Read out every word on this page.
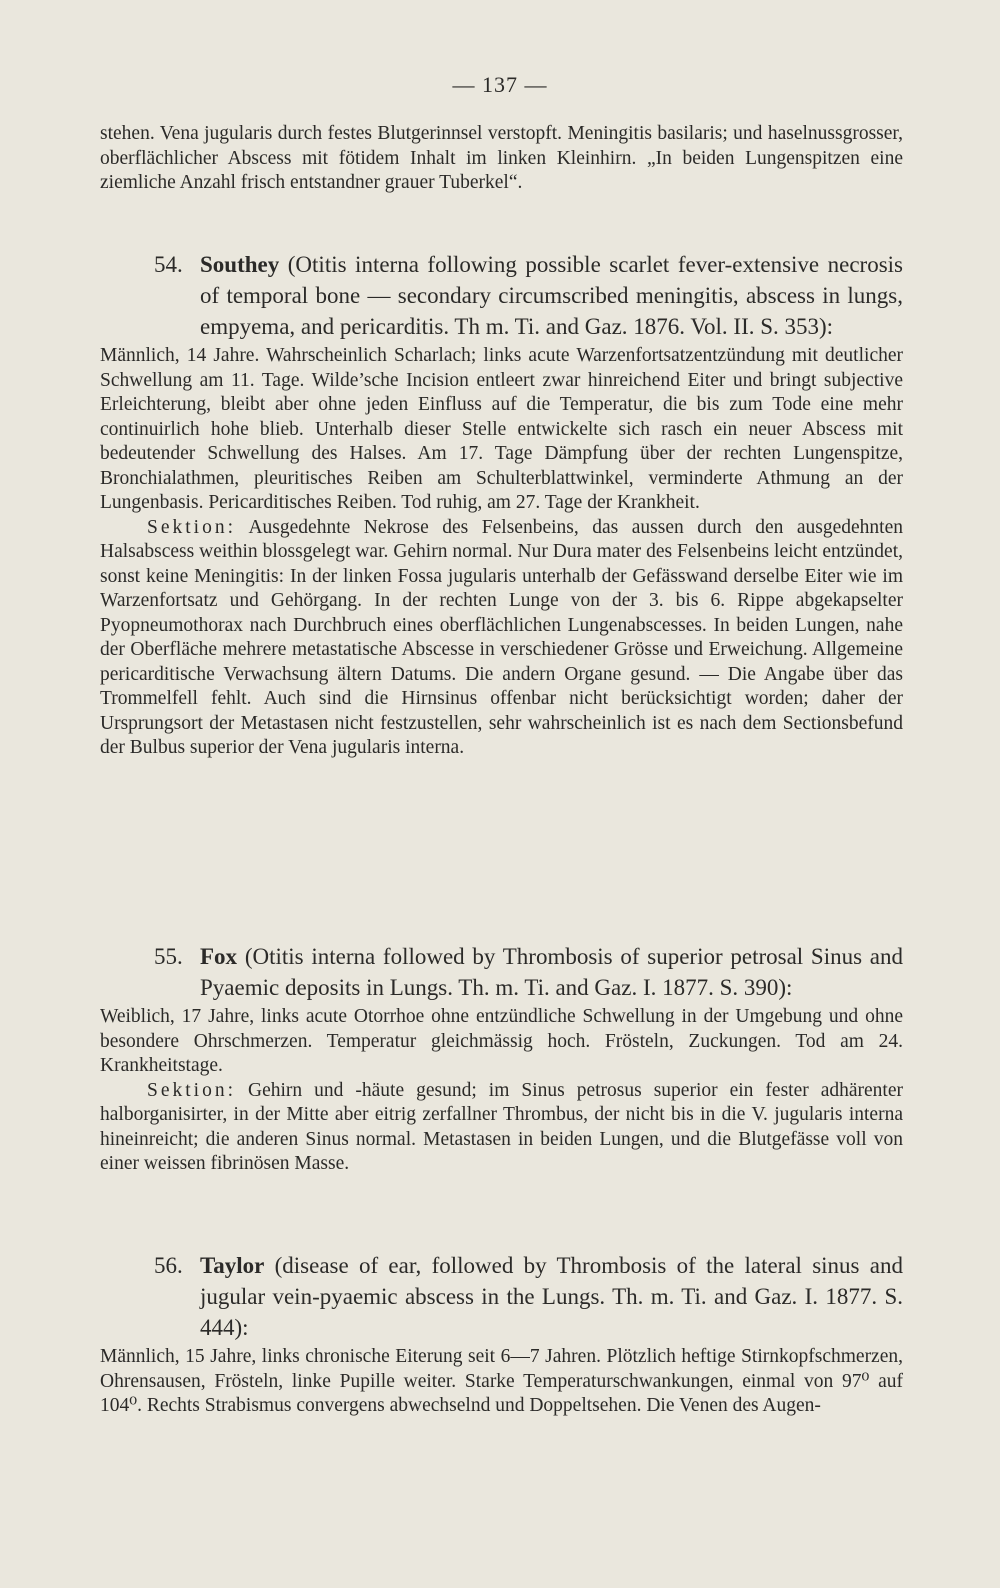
— 137 —
stehen. Vena jugularis durch festes Blutgerinnsel verstopft. Meningitis basilaris; und haselnussgrosser, oberflächlicher Abscess mit fötidem Inhalt im linken Kleinhirn. „In beiden Lungenspitzen eine ziemliche Anzahl frisch entstandner grauer Tuberkel“.
54. Southey (Otitis interna following possible scarlet fever-extensive necrosis of temporal bone — secondary circumscribed meningitis, abscess in lungs, empyema, and pericarditis. Th m. Ti. and Gaz. 1876. Vol. II. S. 353):
Männlich, 14 Jahre. Wahrscheinlich Scharlach; links acute Warzenfortsatzentzündung mit deutlicher Schwellung am 11. Tage. Wilde’sche Incision entleert zwar hinreichend Eiter und bringt subjective Erleichterung, bleibt aber ohne jeden Einfluss auf die Temperatur, die bis zum Tode eine mehr continuirlich hohe blieb. Unterhalb dieser Stelle entwickelte sich rasch ein neuer Abscess mit bedeutender Schwellung des Halses. Am 17. Tage Dämpfung über der rechten Lungenspitze, Bronchialathmen, pleuritisches Reiben am Schulterblattwinkel, verminderte Athmung an der Lungenbasis. Pericarditisches Reiben. Tod ruhig, am 27. Tage der Krankheit.
Sektion: Ausgedehnte Nekrose des Felsenbeins, das aussen durch den ausgedehnten Halsabscess weithin blossgelegt war. Gehirn normal. Nur Dura mater des Felsenbeins leicht entzündet, sonst keine Meningitis: In der linken Fossa jugularis unterhalb der Gefässwand derselbe Eiter wie im Warzenfortsatz und Gehörgang. In der rechten Lunge von der 3. bis 6. Rippe abgekapselter Pyopneumothorax nach Durchbruch eines oberflächlichen Lungenabscesses. In beiden Lungen, nahe der Oberfläche mehrere metastatische Abscesse in verschiedener Grösse und Erweichung. Allgemeine pericarditische Verwachsung ältern Datums. Die andern Organe gesund. — Die Angabe über das Trommelfell fehlt. Auch sind die Hirnsinus offenbar nicht berücksichtigt worden; daher der Ursprungsort der Metastasen nicht festzustellen, sehr wahrscheinlich ist es nach dem Sectionsbefund der Bulbus superior der Vena jugularis interna.
55. Fox (Otitis interna followed by Thrombosis of superior petrosal Sinus and Pyaemic deposits in Lungs. Th. m. Ti. and Gaz. I. 1877. S. 390):
Weiblich, 17 Jahre, links acute Otorrhoe ohne entzündliche Schwellung in der Umgebung und ohne besondere Ohrschmerzen. Temperatur gleichmässig hoch. Frösteln, Zuckungen. Tod am 24. Krankheitstage.
Sektion: Gehirn und -häute gesund; im Sinus petrosus superior ein fester adhärenter halborganisirter, in der Mitte aber eitrig zerfallner Thrombus, der nicht bis in die V. jugularis interna hineinreicht; die anderen Sinus normal. Metastasen in beiden Lungen, und die Blutgefässe voll von einer weissen fibrinösen Masse.
56. Taylor (disease of ear, followed by Thrombosis of the lateral sinus and jugular vein-pyaemic abscess in the Lungs. Th. m. Ti. and Gaz. I. 1877. S. 444):
Männlich, 15 Jahre, links chronische Eiterung seit 6—7 Jahren. Plötzlich heftige Stirnkopfschmerzen, Ohrensausen, Frösteln, linke Pupille weiter. Starke Temperaturschwankungen, einmal von 97⁰ auf 104⁰. Rechts Strabismus convergens abwechselnd und Doppeltsehen. Die Venen des Augen-
